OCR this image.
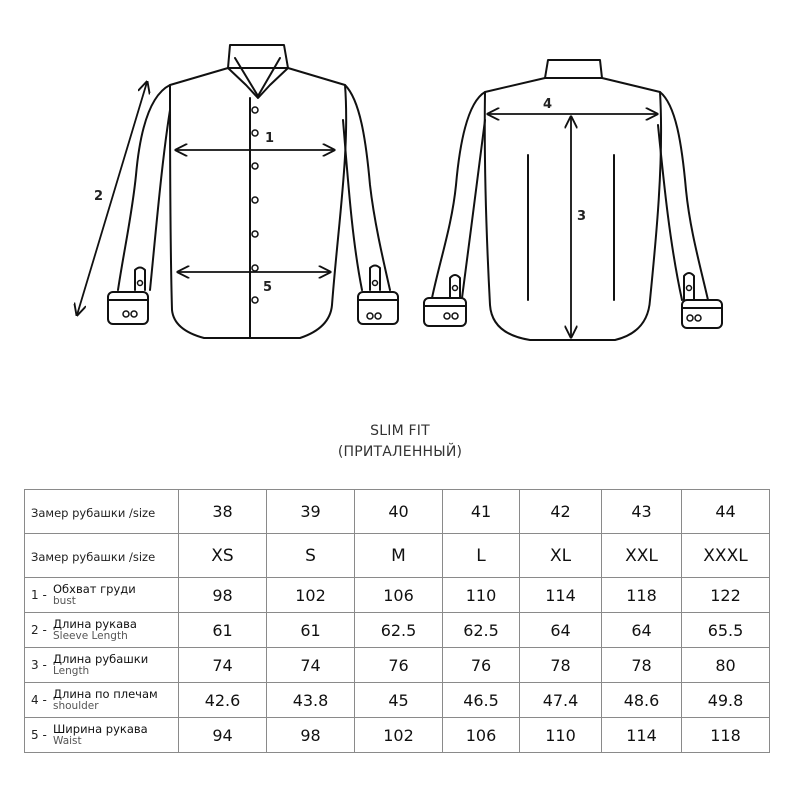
1
2
5
4
3
SLIM FIT
(ПРИТАЛЕННЫЙ)
Замер рубашки /size	38	39	40	41	42	43	44
Замер рубашки /size	XS	S	M	L	XL	XXL	XXXL

1 - Обхват груди
bust	98	102	106	110	114	118	122

2 - Длина рукава
Sleeve Length	61	61	62.5	62.5	64	64	65.5

3 - Длина рубашки
Length	74	74	76	76	78	78	80

4 - Длина по плечам
shoulder	42.6	43.8	45	46.5	47.4	48.6	49.8

5 - Ширина рукава
Waist	94	98	102	106	110	114	118
